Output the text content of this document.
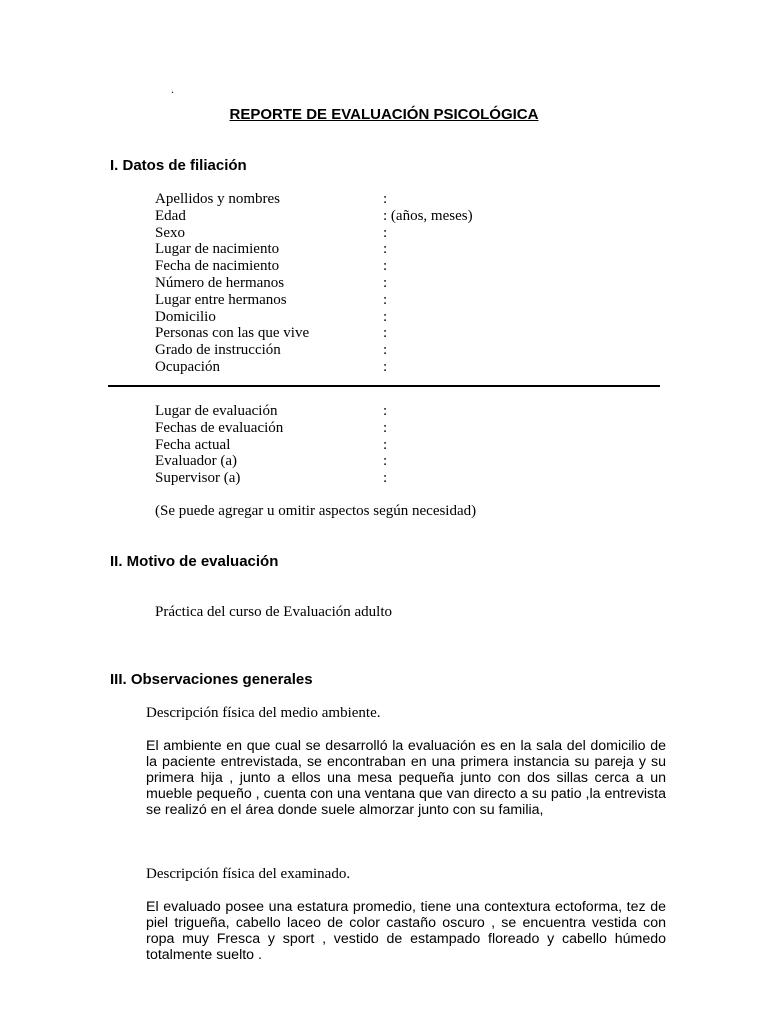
.
REPORTE DE EVALUACIÓN PSICOLÓGICA
I. Datos de filiación
Apellidos y nombres	:
Edad	: (años, meses)
Sexo	:
Lugar de nacimiento	:
Fecha de nacimiento	:
Número de hermanos	:
Lugar entre hermanos	:
Domicilio	:
Personas con las que vive	:
Grado de instrucción	:
Ocupación	:
Lugar de evaluación	:
Fechas de evaluación	:
Fecha actual	:
Evaluador (a)	:
Supervisor (a)	:
(Se puede agregar u omitir aspectos según necesidad)
II. Motivo de evaluación
Práctica del curso de Evaluación adulto
III. Observaciones generales
Descripción física del medio ambiente.

El ambiente en que cual se desarrolló la evaluación es en la sala del domicilio de la paciente entrevistada, se encontraban en una primera instancia su pareja y su primera hija , junto a ellos una mesa pequeña junto con dos sillas cerca a un mueble pequeño , cuenta con una ventana que van directo a su patio ,la entrevista se realizó en el área donde suele almorzar junto con su familia,

Descripción física del examinado.

El evaluado posee una estatura promedio, tiene una contextura ectoforma, tez de piel trigueña, cabello laceo de color castaño oscuro , se encuentra vestida con ropa muy Fresca y sport , vestido de estampado floreado y cabello húmedo totalmente suelto .
